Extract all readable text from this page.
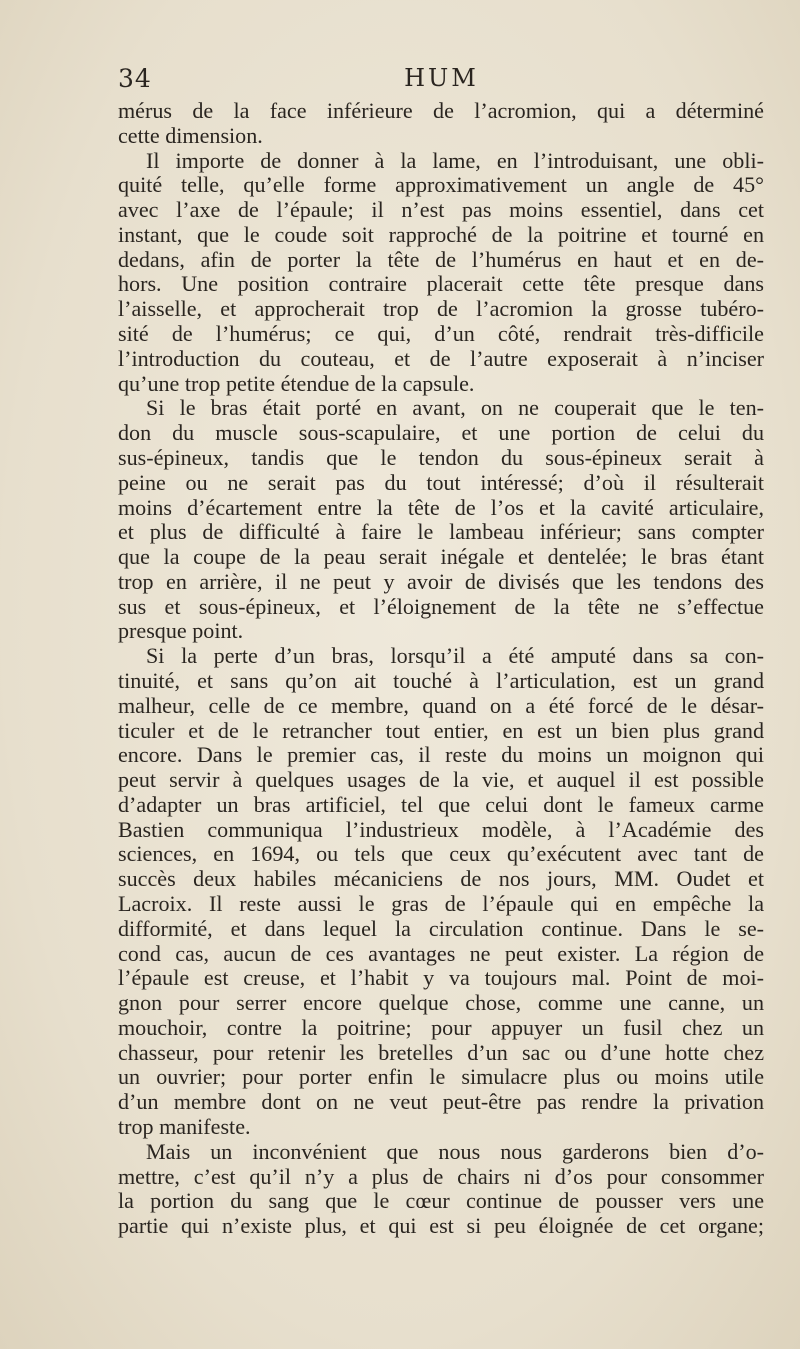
34	HUM

mérus de la face inférieure de l’acromion, qui a déterminé

cette dimension.

Il importe de donner à la lame, en l’introduisant, une obli-

quité telle, qu’elle forme approximativement un angle de 45°

avec l’axe de l’épaule; il n’est pas moins essentiel, dans cet

instant, que le coude soit rapproché de la poitrine et tourné en

dedans, afin de porter la tête de l’humérus en haut et en de-

hors. Une position contraire placerait cette tête presque dans

l’aisselle, et approcherait trop de l’acromion la grosse tubéro-

sité de l’humérus; ce qui, d’un côté, rendrait très-difficile

l’introduction du couteau, et de l’autre exposerait à n’inciser

qu’une trop petite étendue de la capsule.

Si le bras était porté en avant, on ne couperait que le ten-

don du muscle sous-scapulaire, et une portion de celui du

sus-épineux, tandis que le tendon du sous-épineux serait à

peine ou ne serait pas du tout intéressé; d’où il résulterait

moins d’écartement entre la tête de l’os et la cavité articulaire,

et plus de difficulté à faire le lambeau inférieur; sans compter

que la coupe de la peau serait inégale et dentelée; le bras étant

trop en arrière, il ne peut y avoir de divisés que les tendons des

sus et sous-épineux, et l’éloignement de la tête ne s’effectue

presque point.

Si la perte d’un bras, lorsqu’il a été amputé dans sa con-

tinuité, et sans qu’on ait touché à l’articulation, est un grand

malheur, celle de ce membre, quand on a été forcé de le désar-

ticuler et de le retrancher tout entier, en est un bien plus grand

encore. Dans le premier cas, il reste du moins un moignon qui

peut servir à quelques usages de la vie, et auquel il est possible

d’adapter un bras artificiel, tel que celui dont le fameux carme

Bastien communiqua l’industrieux modèle, à l’Académie des

sciences, en 1694, ou tels que ceux qu’exécutent avec tant de

succès deux habiles mécaniciens de nos jours, MM. Oudet et

Lacroix. Il reste aussi le gras de l’épaule qui en empêche la

difformité, et dans lequel la circulation continue. Dans le se-

cond cas, aucun de ces avantages ne peut exister. La région de

l’épaule est creuse, et l’habit y va toujours mal. Point de moi-

gnon pour serrer encore quelque chose, comme une canne, un

mouchoir, contre la poitrine; pour appuyer un fusil chez un

chasseur, pour retenir les bretelles d’un sac ou d’une hotte chez

un ouvrier; pour porter enfin le simulacre plus ou moins utile

d’un membre dont on ne veut peut-être pas rendre la privation

trop manifeste.

Mais un inconvénient que nous nous garderons bien d’o-

mettre, c’est qu’il n’y a plus de chairs ni d’os pour consommer

la portion du sang que le cœur continue de pousser vers une

partie qui n’existe plus, et qui est si peu éloignée de cet organe;
